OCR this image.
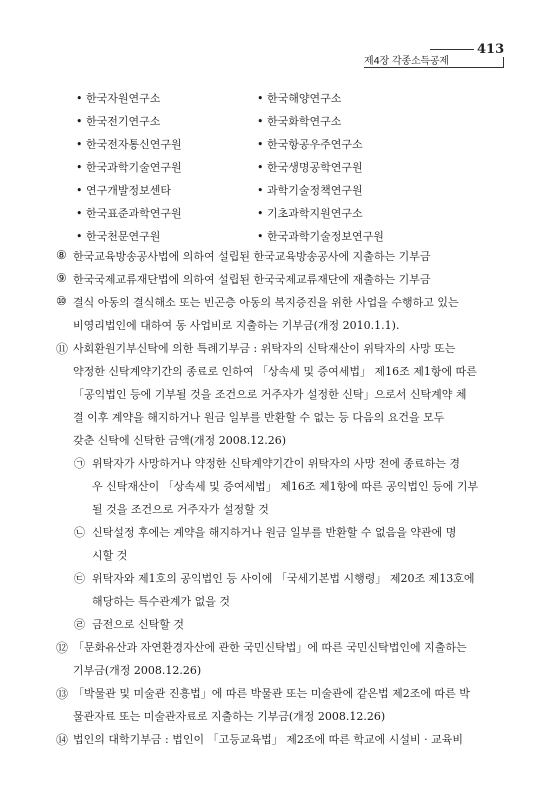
413
제4장 각종소득공제
• 한국자원연구소	• 한국해양연구소
• 한국전기연구소	• 한국화학연구소
• 한국전자통신연구원	• 한국항공우주연구소
• 한국과학기술연구원	• 한국생명공학연구원
• 연구개발정보센타	• 과학기술정책연구원
• 한국표준과학연구원	• 기초과학지원연구소
• 한국천문연구원	• 한국과학기술정보연구원
⑧ 한국교육방송공사법에 의하여 설립된 한국교육방송공사에 지출하는 기부금
⑨ 한국국제교류재단법에 의하여 설립된 한국국제교류재단에 재출하는 기부금
⑩ 결식 아동의 결식해소 또는 빈곤층 아동의 복지증진을 위한 사업을 수행하고 있는
비영리법인에 대하여 동 사업비로 지출하는 기부금(개정 2010.1.1).
⑪ 사회환원기부신탁에 의한 특례기부금 : 위탁자의 신탁재산이 위탁자의 사망 또는
약정한 신탁계약기간의 종료로 인하여 「상속세 및 증여세법」 제16조 제1항에 따른
「공익법인 등에 기부될 것을 조건으로 거주자가 설정한 신탁」으로서 신탁계약 체
결 이후 계약을 해지하거나 원금 일부를 반환할 수 없는 등 다음의 요건을 모두
갖춘 신탁에 신탁한 금액(개정 2008.12.26)
㉠ 위탁자가 사망하거나 약정한 신탁계약기간이 위탁자의 사망 전에 종료하는 경
우 신탁재산이 「상속세 및 증여세법」 제16조 제1항에 따른 공익법인 등에 기부
될 것을 조건으로 거주자가 설정할 것
㉡ 신탁설정 후에는 계약을 해지하거나 원금 일부를 반환할 수 없음을 약관에 명
시할 것
㉢ 위탁자와 제1호의 공익법인 등 사이에 「국세기본법 시행령」 제20조 제13호에
해당하는 특수관계가 없을 것
㉣ 금전으로 신탁할 것
⑫ 「문화유산과 자연환경자산에 관한 국민신탁법」에 따른 국민신탁법인에 지출하는
기부금(개정 2008.12.26)
⑬ 「박물관 및 미술관 진흥법」에 따른 박물관 또는 미술관에 같은법 제2조에 따른 박
물관자료 또는 미술관자료로 지출하는 기부금(개정 2008.12.26)
⑭ 법인의 대학기부금 : 법인이 「고등교육법」 제2조에 따른 학교에 시설비 · 교육비
